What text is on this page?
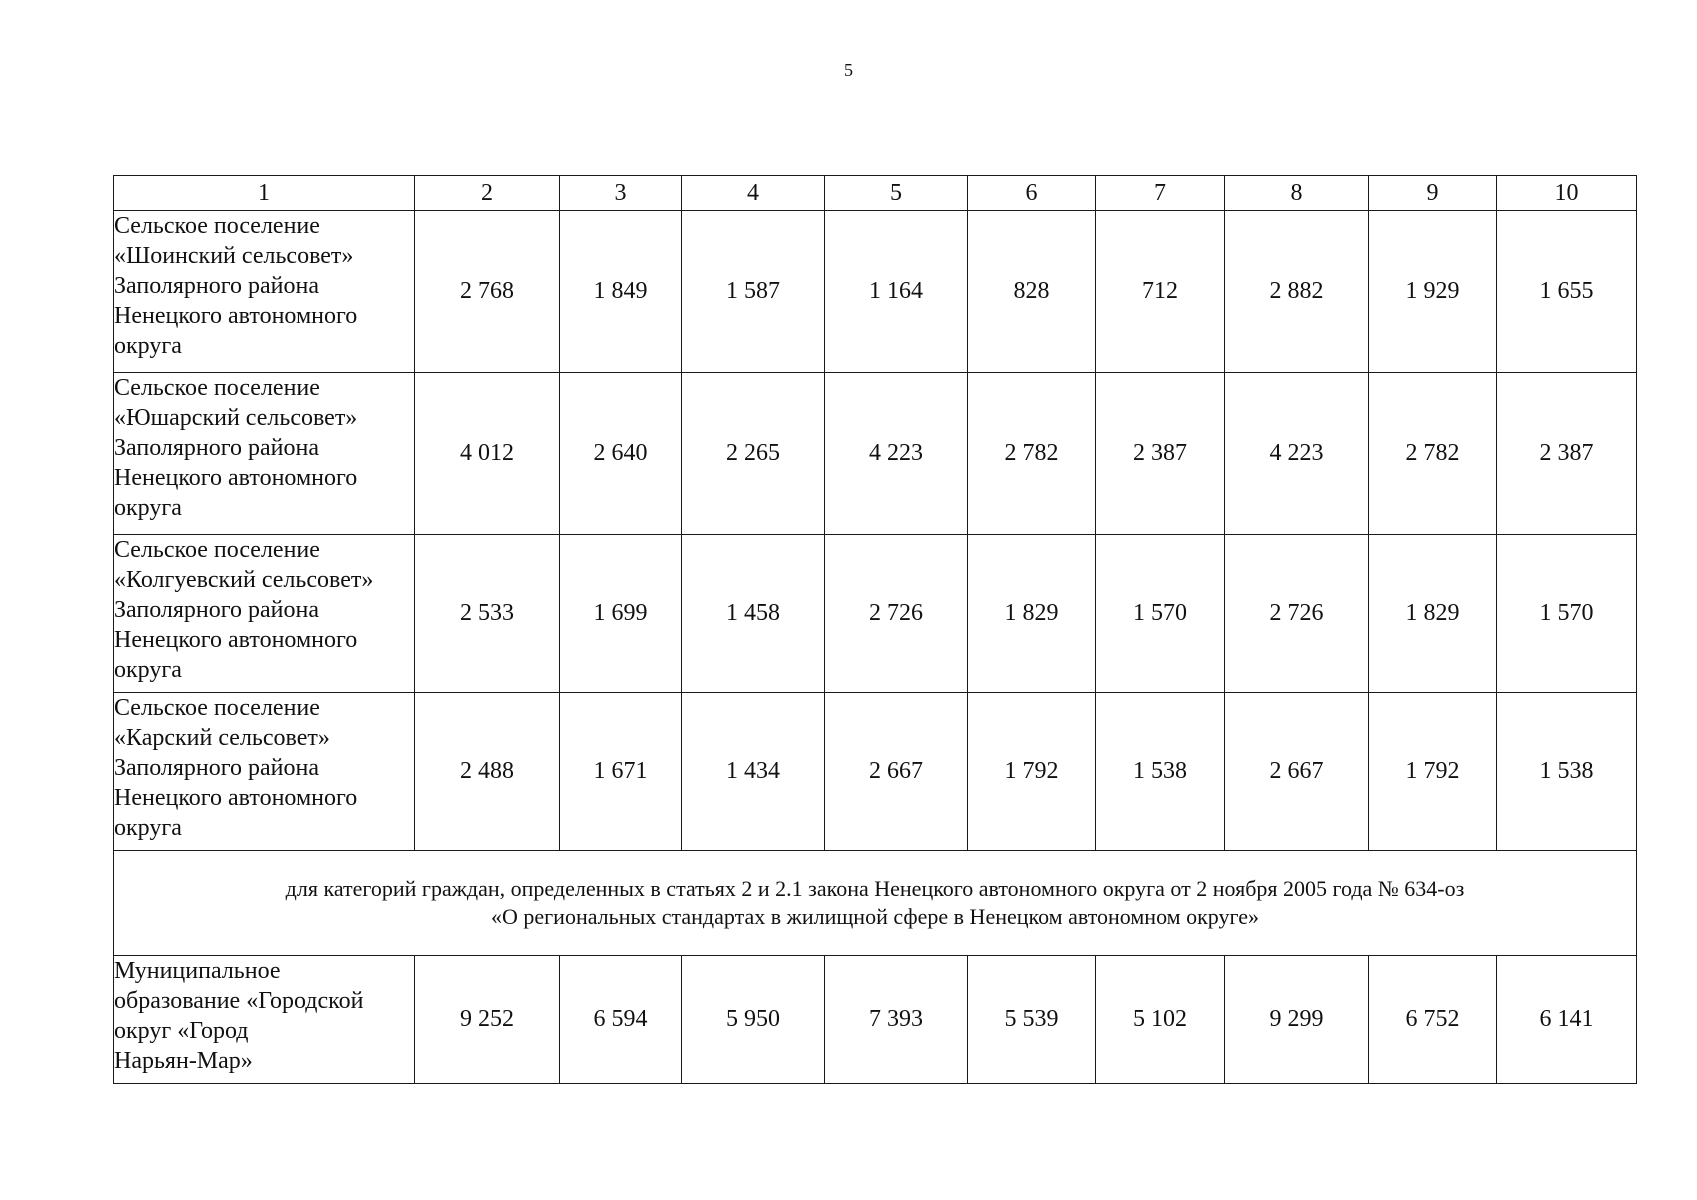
5
1	2	3	4	5	6	7	8	9	10
Сельское поселение
«Шоинский сельсовет»
Заполярного района
Ненецкого автономного
округа	2 768	1 849	1 587	1 164	828	712	2 882	1 929	1 655
Сельское поселение
«Юшарский сельсовет»
Заполярного района
Ненецкого автономного
округа	4 012	2 640	2 265	4 223	2 782	2 387	4 223	2 782	2 387
Сельское поселение
«Колгуевский сельсовет»
Заполярного района
Ненецкого автономного
округа	2 533	1 699	1 458	2 726	1 829	1 570	2 726	1 829	1 570
Сельское поселение
«Карский сельсовет»
Заполярного района
Ненецкого автономного
округа	2 488	1 671	1 434	2 667	1 792	1 538	2 667	1 792	1 538

для категорий граждан, определенных в статьях 2 и 2.1 закона Ненецкого автономного округа от 2 ноября 2005 года № 634-оз
«О региональных стандартах в жилищной сфере в Ненецком автономном округе»									

Муниципальное
образование «Городской
округ «Город
Нарьян-Мар»	9 252	6 594	5 950	7 393	5 539	5 102	9 299	6 752	6 141
